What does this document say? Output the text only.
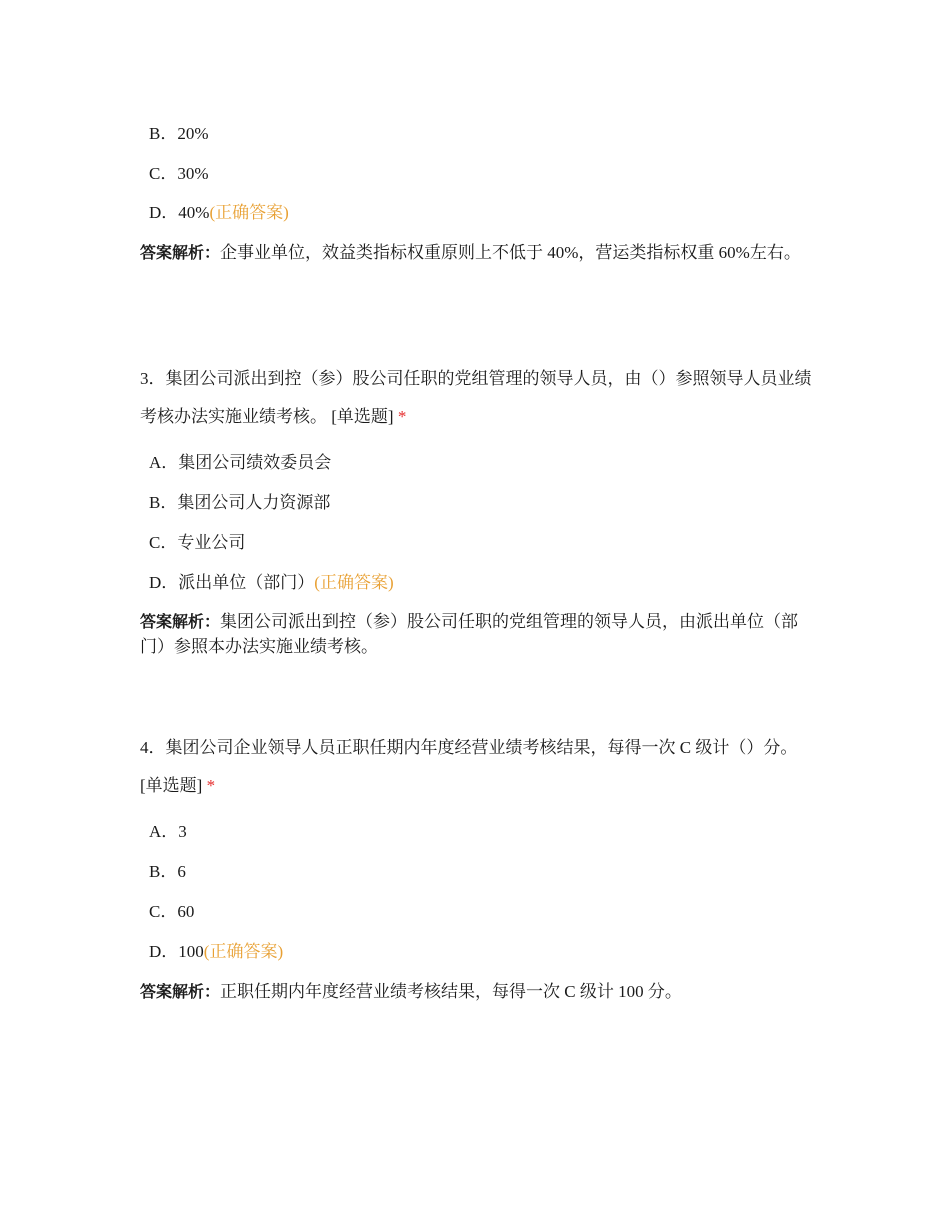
B．20%
C．30%
D．40%(正确答案)
答案解析：企事业单位，效益类指标权重原则上不低于 40%，营运类指标权重 60%左右。
3．集团公司派出到控（参）股公司任职的党组管理的领导人员，由（）参照领导人员业绩考核办法实施业绩考核。 [单选题] *
A．集团公司绩效委员会
B．集团公司人力资源部
C．专业公司
D．派出单位（部门）(正确答案)
答案解析：集团公司派出到控（参）股公司任职的党组管理的领导人员，由派出单位（部门）参照本办法实施业绩考核。
4．集团公司企业领导人员正职任期内年度经营业绩考核结果，每得一次 C 级计（）分。 [单选题] *
A．3
B．6
C．60
D．100(正确答案)
答案解析：正职任期内年度经营业绩考核结果，每得一次 C 级计 100 分。
